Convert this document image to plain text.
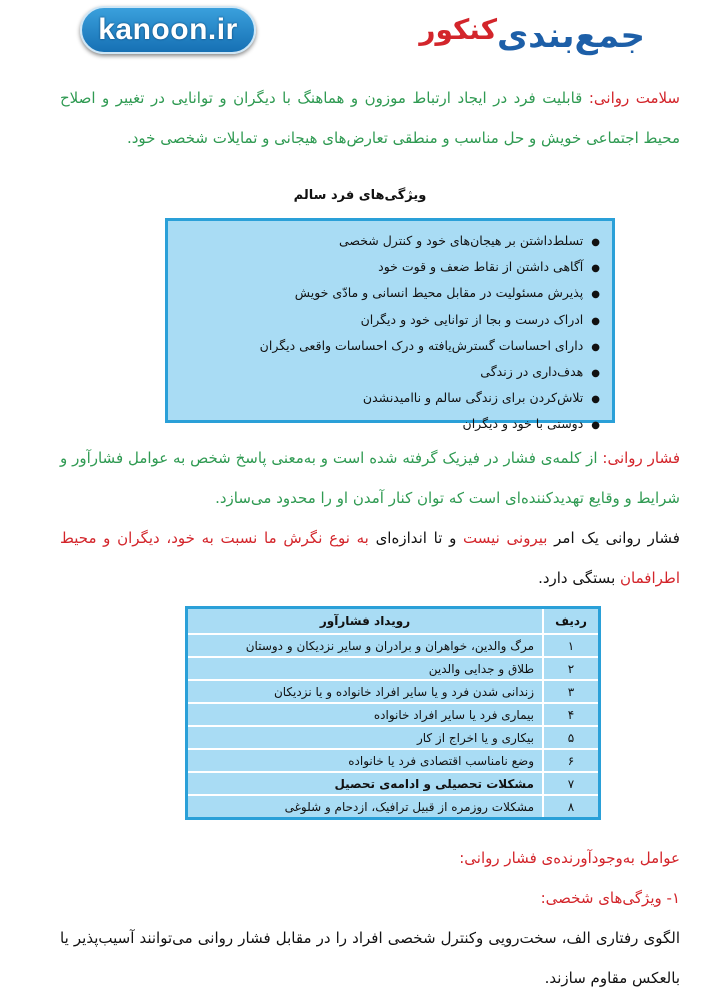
kanoon.ir	جمع‌بندی
کنکور
سلامت روانی: قابلیت فرد در ایجاد ارتباط موزون و هماهنگ با دیگران و توانایی در تغییر و اصلاح محیط اجتماعی خویش و حل مناسب و منطقی تعارض‌های هیجانی و تمایلات شخصی خود.
ویژگی‌های فرد سالم
● تسلط‌داشتن بر هیجان‌های خود و کنترل شخصی
● آگاهی داشتن از نقاط ضعف و قوت خود
● پذیرش مسئولیت در مقابل محیط انسانی و مادّی خویش
● ادراک درست و بجا از توانایی خود و دیگران
● دارای احساسات گسترش‌یافته و درک احساسات واقعی دیگران
● هدف‌داری در زندگی
● تلاش‌کردن برای زندگی سالم و ناامیدنشدن
● دوستی با خود و دیگران
فشار روانی: از کلمه‌ی فشار در فیزیک گرفته شده است و به‌معنی پاسخ شخص به عوامل فشارآور و شرایط و وقایع تهدیدکننده‌ای است که توان کنار آمدن او را محدود می‌سازد.
فشار روانی یک امر بیرونی نیست و تا اندازه‌ای به نوع نگرش ما نسبت به خود، دیگران و محیط اطرافمان بستگی دارد.
ردیف	رویداد فشارآور
۱	مرگ والدین، خواهران و برادران و سایر نزدیکان و دوستان
۲	طلاق و جدایی والدین
۳	زندانی شدن فرد و یا سایر افراد خانواده و یا نزدیکان
۴	بیماری فرد یا سایر افراد خانواده
۵	بیکاری و یا اخراج از کار
۶	وضع نامناسب اقتصادی فرد یا خانواده
۷	مشکلات تحصیلی و ادامه‌ی تحصیل
۸	مشکلات روزمره از قبیل ترافیک، ازدحام و شلوغی
عوامل به‌وجودآورنده‌ی فشار روانی:
۱- ویژگی‌های شخصی:
الگوی رفتاری الف، سخت‌رویی وکنترل شخصی افراد را در مقابل فشار روانی می‌توانند آسیب‌پذیر یا بالعکس مقاوم سازند.
